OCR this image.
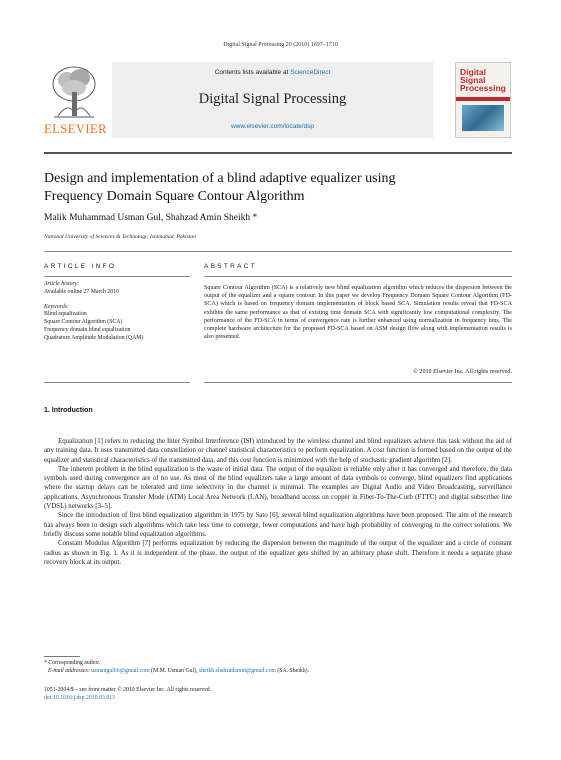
Digital Signal Processing 20 (2010) 1697–1710
ELSEVIER
Contents lists available at ScienceDirect
Digital Signal Processing
www.elsevier.com/locate/dsp
Digital
Signal
Processing
Design and implementation of a blind adaptive equalizer using
Frequency Domain Square Contour Algorithm
Malik Muhammad Usman Gul, Shahzad Amin Sheikh *
National University of Sciences & Technology, Islamabad, Pakistan
ARTICLE INFO
Article history:
Available online 27 March 2010
Keywords:
Blind equalization
Square Contour Algorithm (SCA)
Frequency domain blind equalization
Quadrature Amplitude Modulation (QAM)
ABSTRACT
Square Contour Algorithm (SCA) is a relatively new blind equalization algorithm which reduces the dispersion between the output of the equalizer and a square contour. In this paper we develop Frequency Domain Square Contour Algorithm (FD-SCA) which is based on frequency domain implementation of block based SCA. Simulation results reveal that FD-SCA exhibits the same performance as that of existing time domain SCA with significantly low computational complexity. The performance of the FD-SCA in terms of convergence rate is further enhanced using normalization in frequency bins. The complete hardware architecture for the proposed FD-SCA based on ASM design flow along with implementation results is also presented.
© 2010 Elsevier Inc. All rights reserved.
1. Introduction

Equalization [1] refers to reducing the Inter Symbol Interference (ISI) introduced by the wireless channel and blind equalizers achieve this task without the aid of any training data. It uses transmitted data constellation or channel statistical characteristics to perform equalization. A cost function is formed based on the output of the equalizer and statistical characteristics of the transmitted data, and this cost function is minimized with the help of stochastic gradient algorithm [2].

The inherent problem in the blind equalization is the waste of initial data. The output of the equalizer is reliable only after it has converged and therefore, the data symbols used during convergence are of no use. As most of the blind equalizers take a large amount of data symbols to converge, blind equalizers find applications where the startup delays can be tolerated and time selectivity in the channel is minimal. The examples are Digital Audio and Video Broadcasting, surveillance applications, Asynchronous Transfer Mode (ATM) Local Area Network (LAN), broadband access on copper in Fiber-To-The-Curb (FTTC) and digital subscriber line (VDSL) networks [3–5].

Since the introduction of first blind equalization algorithm in 1975 by Sato [6], several blind equalization algorithms have been proposed. The aim of the research has always been to design such algorithms which take less time to converge, fewer computations and have high probability of converging to the correct solutions. We briefly discuss some notable blind equalization algorithms.

Constant Modulus Algorithm [7] performs equalization by reducing the dispersion between the magnitude of the output of the equalizer and a circle of constant radius as shown in Fig. 1. As it is independent of the phase, the output of the equalizer gets shifted by an arbitrary phase shift. Therefore it needs a separate phase recovery block at its output.

* Corresponding author.
E-mail addresses: usmangul66@gmail.com (M.M. Usman Gul), sheikh.shahzadamin@gmail.com (SA. Sheikh).
1051-2004/$ – see front matter © 2010 Elsevier Inc. All rights reserved.
doi:10.1016/j.dsp.2010.03.013
